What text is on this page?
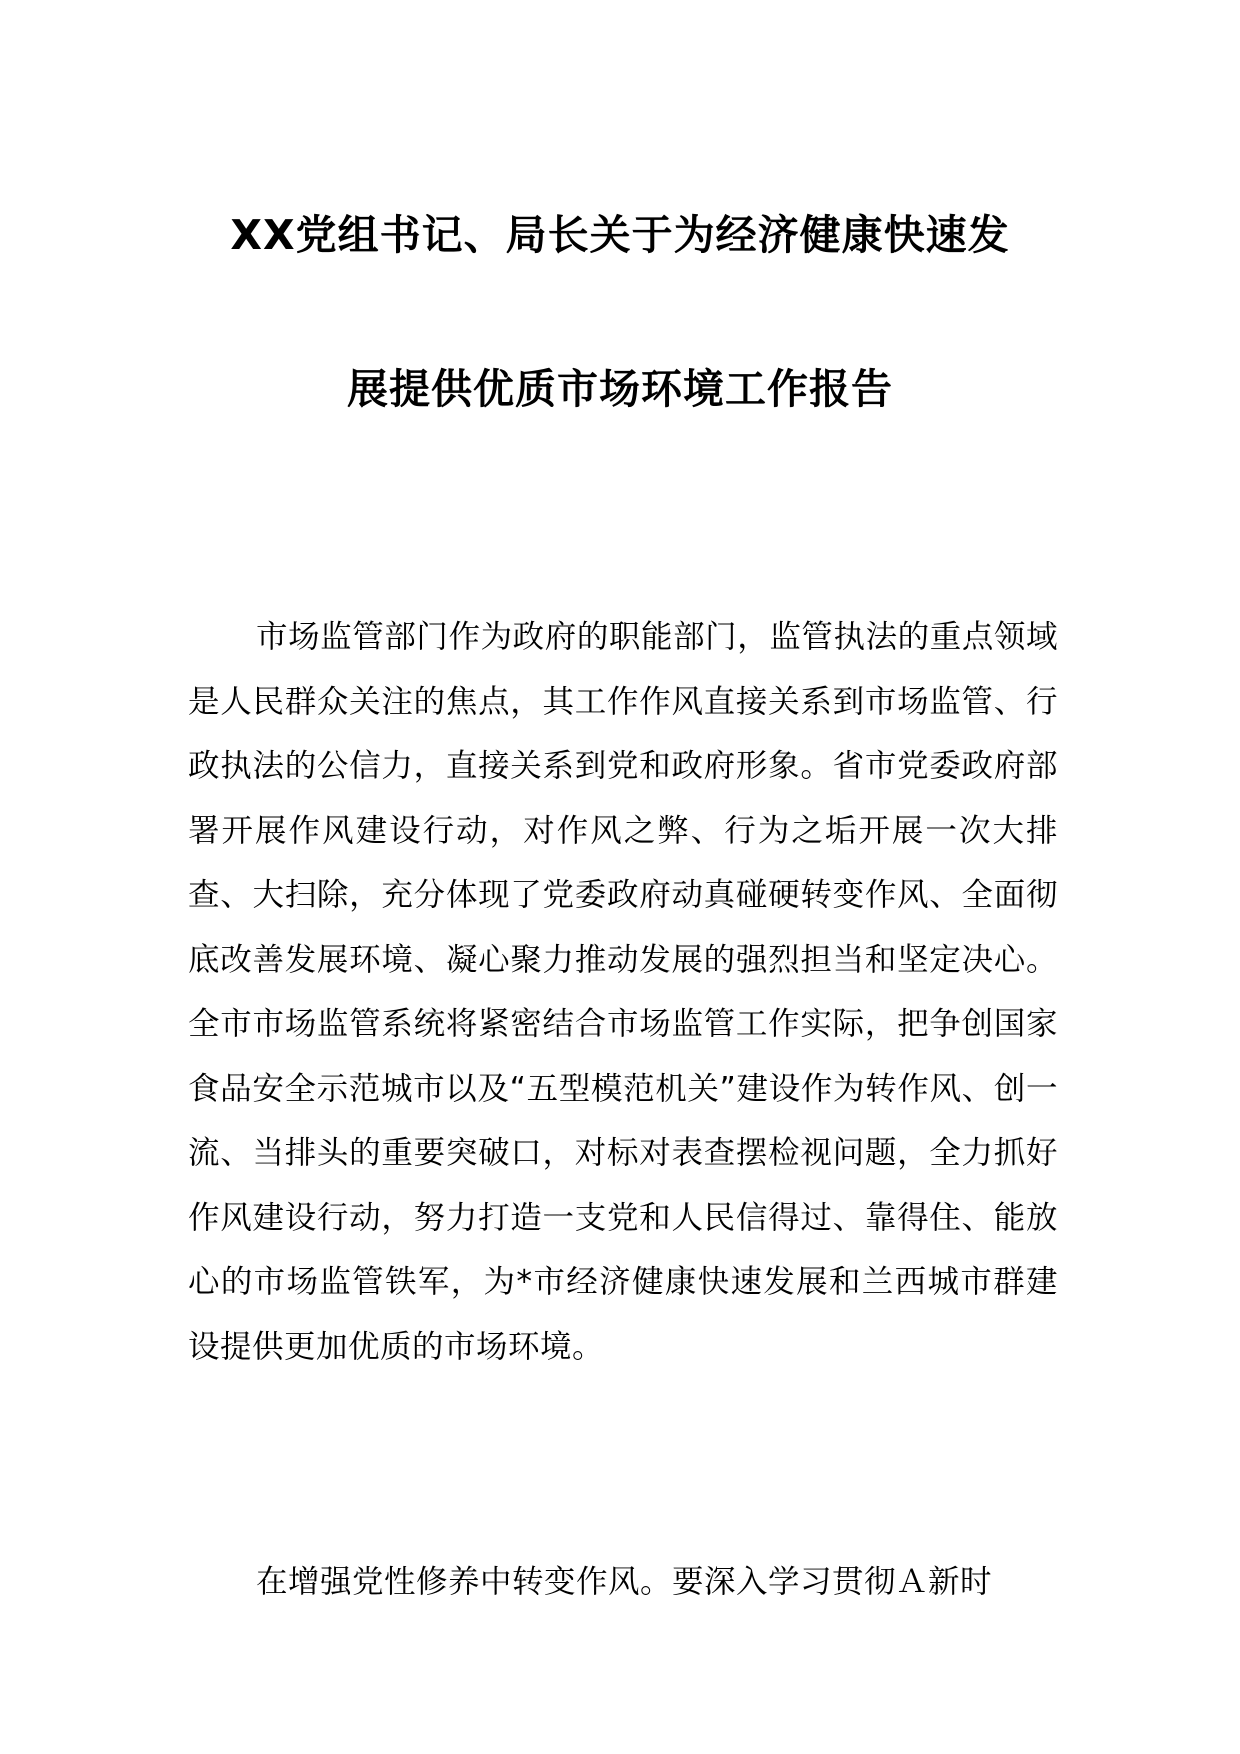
XX党组书记、局长关于为经济健康快速发
展提供优质市场环境工作报告

市场监管部门作为政府的职能部门，监管执法的重点领域是人民群众关注的焦点，其工作作风直接关系到市场监管、行政执法的公信力，直接关系到党和政府形象。省市党委政府部署开展作风建设行动，对作风之弊、行为之垢开展一次大排查、大扫除，充分体现了党委政府动真碰硬转变作风、全面彻底改善发展环境、凝心聚力推动发展的强烈担当和坚定决心。全市市场监管系统将紧密结合市场监管工作实际，把争创国家食品安全示范城市以及“五型模范机关”建设作为转作风、创一流、当排头的重要突破口，对标对表查摆检视问题，全力抓好作风建设行动，努力打造一支党和人民信得过、靠得住、能放心的市场监管铁军，为*市经济健康快速发展和兰西城市群建设提供更加优质的市场环境。

在增强党性修养中转变作风。要深入学习贯彻Ａ新时
